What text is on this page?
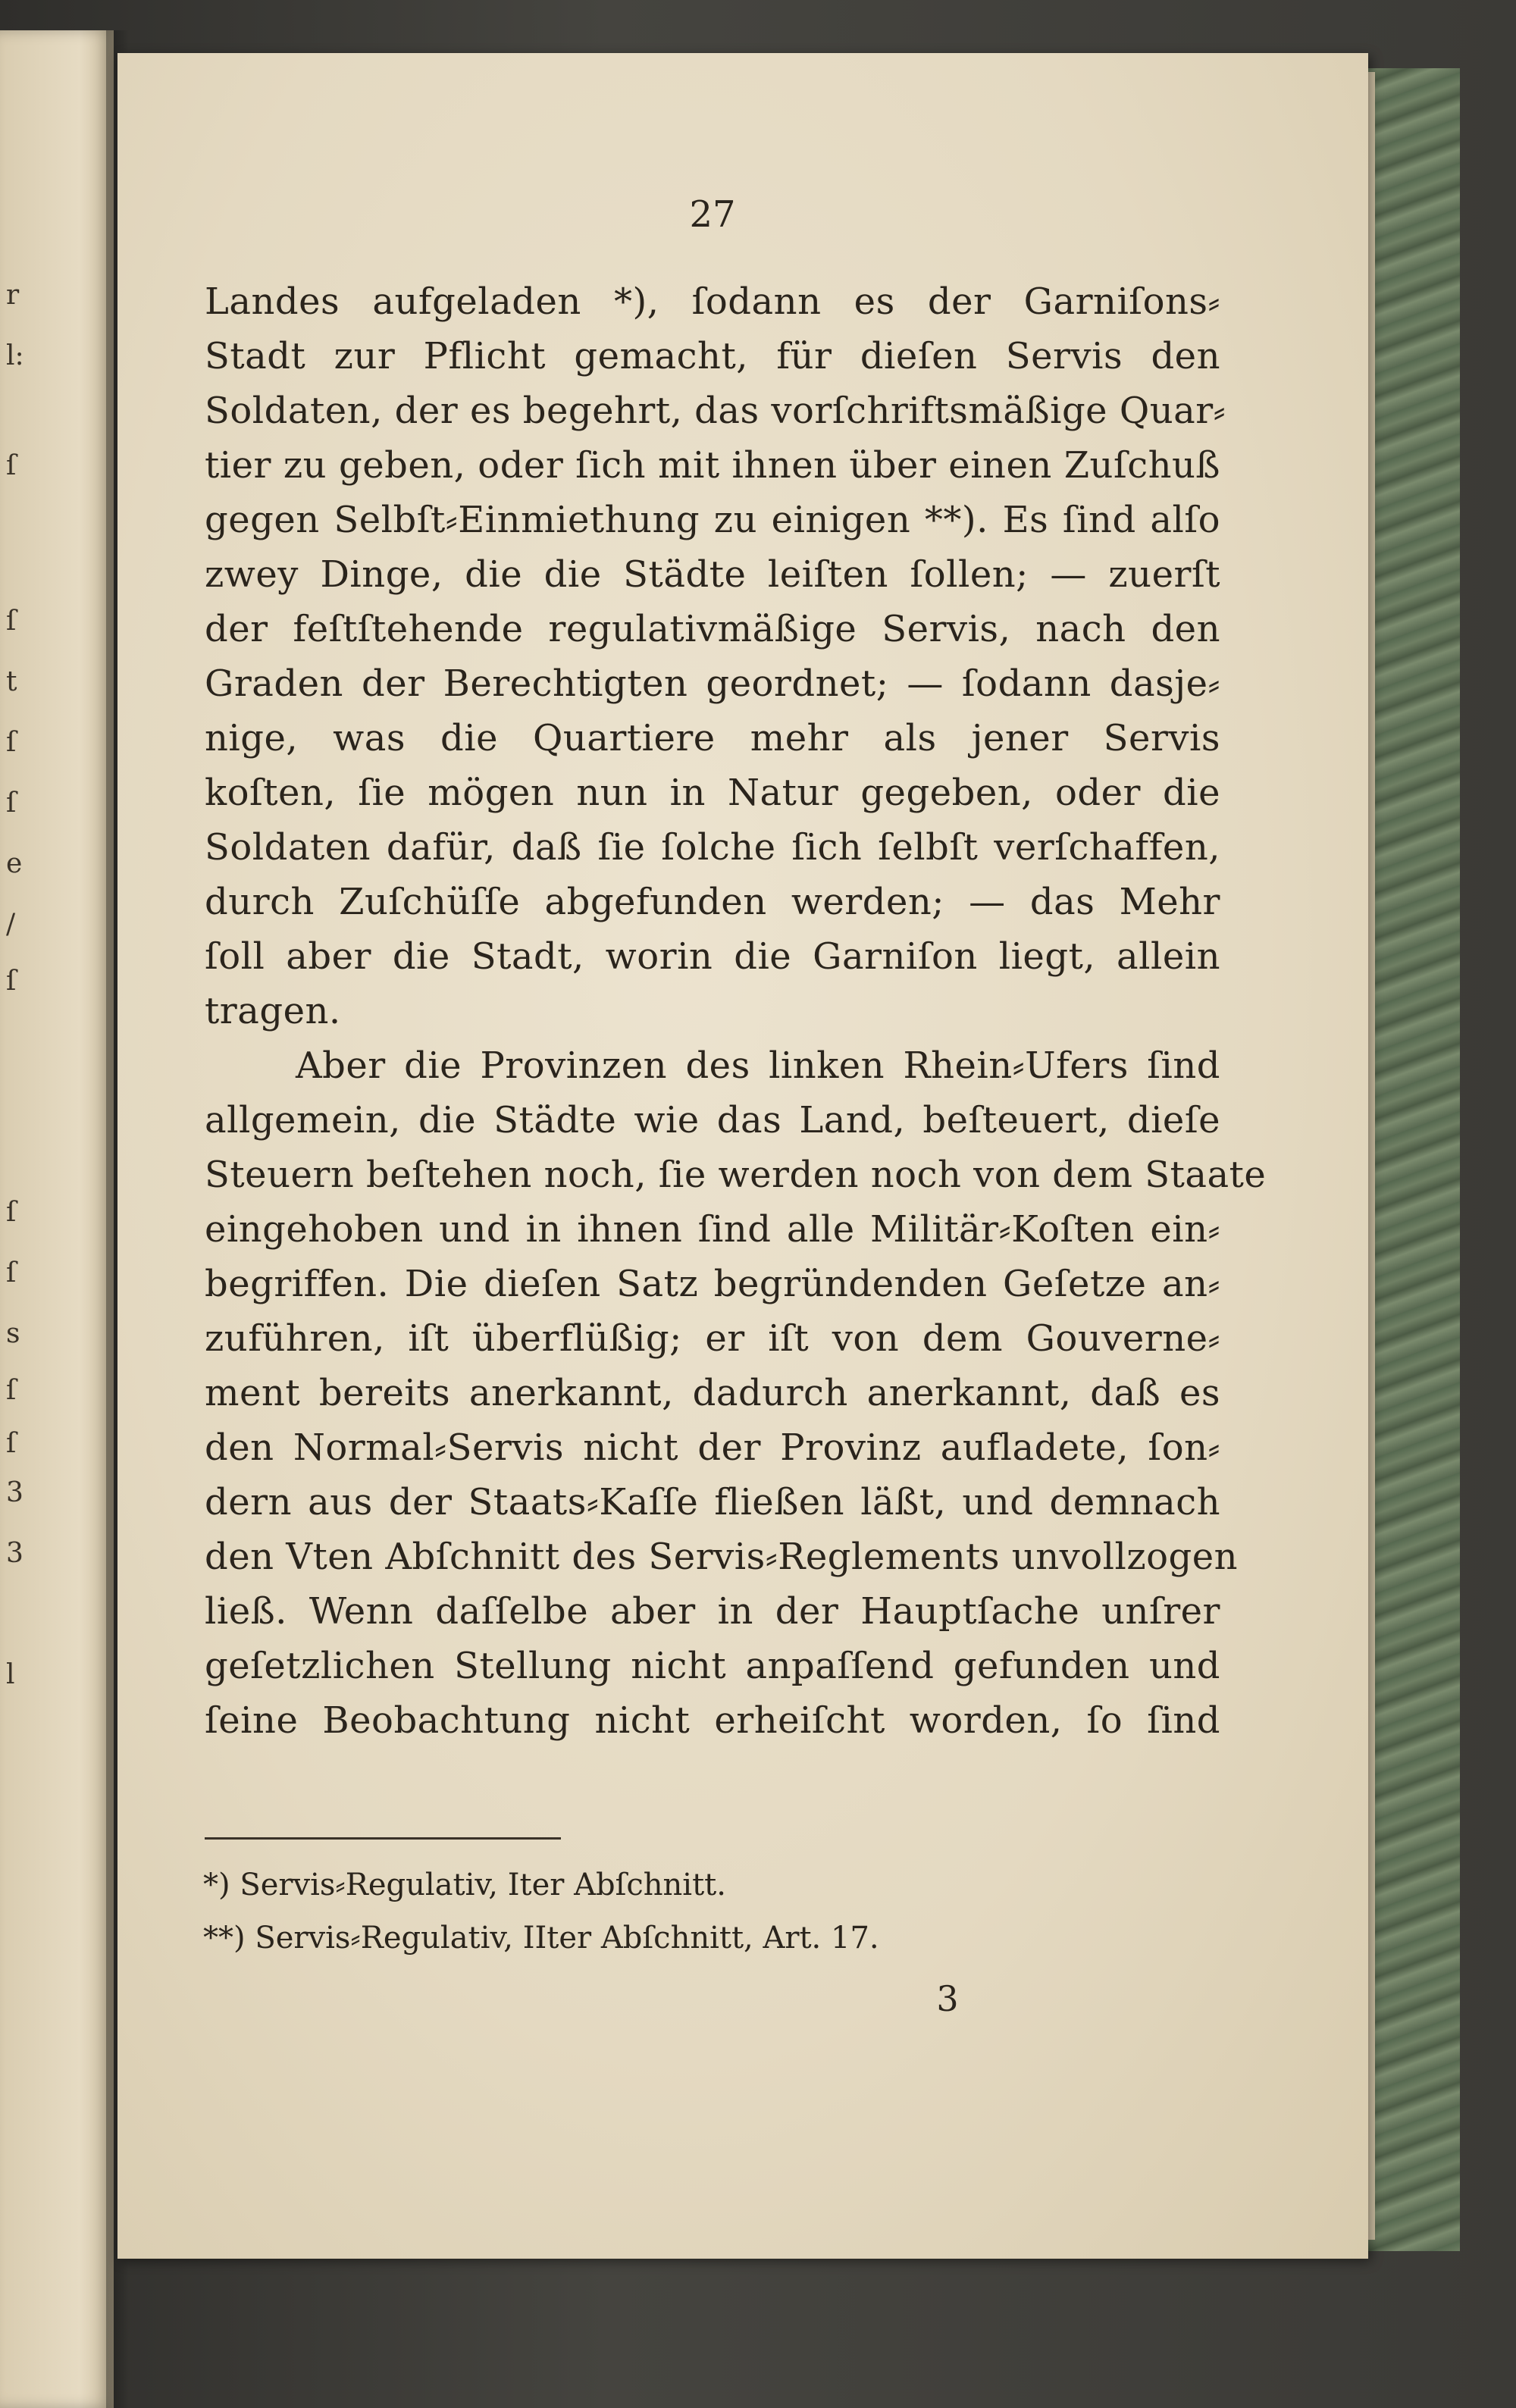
r
l:
ſ
ſ
t
ſ
ſ
e
/
ſ
ſ
ſ
s
ſ
ſ
3
3
l
27
Landes aufgeladen *), ſodann es der Garniſons⸗
Stadt zur Pflicht gemacht, für dieſen Servis den
Soldaten, der es begehrt, das vorſchriftsmäßige Quar⸗
tier zu geben, oder ſich mit ihnen über einen Zuſchuß
gegen Selbſt⸗Einmiethung zu einigen **). Es ſind alſo
zwey Dinge, die die Städte leiſten ſollen; — zuerſt
der feſtſtehende regulativmäßige Servis, nach den
Graden der Berechtigten geordnet; — ſodann dasje⸗
nige, was die Quartiere mehr als jener Servis
koſten, ſie mögen nun in Natur gegeben, oder die
Soldaten dafür, daß ſie ſolche ſich ſelbſt verſchaffen,
durch Zuſchüſſe abgefunden werden; — das Mehr
ſoll aber die Stadt, worin die Garniſon liegt, allein
tragen.
Aber die Provinzen des linken Rhein⸗Ufers ſind
allgemein, die Städte wie das Land, beſteuert, dieſe
Steuern beſtehen noch, ſie werden noch von dem Staate
eingehoben und in ihnen ſind alle Militär⸗Koſten ein⸗
begriffen. Die dieſen Satz begründenden Geſetze an⸗
zuführen, iſt überflüßig; er iſt von dem Gouverne⸗
ment bereits anerkannt, dadurch anerkannt, daß es
den Normal⸗Servis nicht der Provinz aufladete, ſon⸗
dern aus der Staats⸗Kaſſe fließen läßt, und demnach
den Vten Abſchnitt des Servis⸗Reglements unvollzogen
ließ. Wenn daſſelbe aber in der Hauptſache unſrer
geſetzlichen Stellung nicht anpaſſend gefunden und
ſeine Beobachtung nicht erheiſcht worden, ſo ſind
*) Servis⸗Regulativ, Iter Abſchnitt.
**) Servis⸗Regulativ, IIter Abſchnitt, Art. 17.
3
